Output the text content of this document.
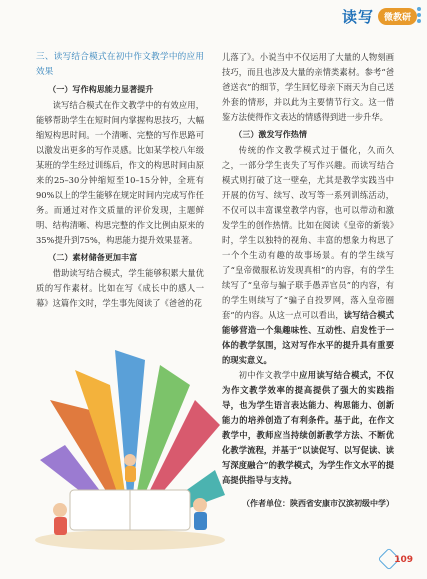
读写	微教研
三、读写结合模式在初中作文教学中的应用效果
（一）写作构思能力显著提升

读写结合模式在作文教学中的有效应用，能够帮助学生在短时间内掌握构思技巧，大幅缩短构思时间。一个清晰、完整的写作思路可以激发出更多的写作灵感。比如某学校八年级某班的学生经过训练后，作文的构思时间由原来的25–30分钟缩短至10–15分钟，全班有90%以上的学生能够在规定时间内完成写作任务。而通过对作文质量的评价发现，主题鲜明、结构清晰、构思完整的作文比例由原来的35%提升到75%，构思能力提升效果显著。

（二）素材储备更加丰富

借助读写结合模式，学生能够积累大量优质的写作素材。比如在写《成长中的感人一幕》这篇作文时，学生事先阅读了《爸爸的花

儿落了》。小说当中不仅运用了大量的人物刻画技巧，而且也涉及大量的亲情类素材。参考“爸爸送衣”的细节，学生回忆母亲下雨天为自己送外套的情形，并以此为主要情节行文。这一借鉴方法使得作文表达的情感得到进一步升华。

（三）激发写作热情

传统的作文教学模式过于僵化，久而久之，一部分学生丧失了写作兴趣。而读写结合模式则打破了这一壁垒，尤其是教学实践当中开展的仿写、续写、改写等一系列训练活动，不仅可以丰富课堂教学内容，也可以带动和激发学生的创作热情。比如在阅读《皇帝的新装》时，学生以独特的视角、丰富的想象力构思了一个个生动有趣的故事场景。有的学生续写了“皇帝微服私访发现真相”的内容，有的学生续写了“皇帝与骗子联手愚弄官员”的内容，有的学生则续写了“骗子自投罗网，落入皇帝圈套”的内容。从这一点可以看出，读写结合模式能够营造一个集趣味性、互动性、启发性于一体的教学氛围，这对写作水平的提升具有重要的现实意义。

初中作文教学中应用读写结合模式，不仅为作文教学效率的提高提供了强大的实践指导，也为学生语言表达能力、构思能力、创新能力的培养创造了有利条件。基于此，在作文教学中，教师应当持续创新教学方法、不断优化教学流程，并基于“以读促写、以写促读、读写深度融合”的教学模式，为学生作文水平的提高提供指导与支持。

（作者单位：陕西省安康市汉滨初级中学）
109
